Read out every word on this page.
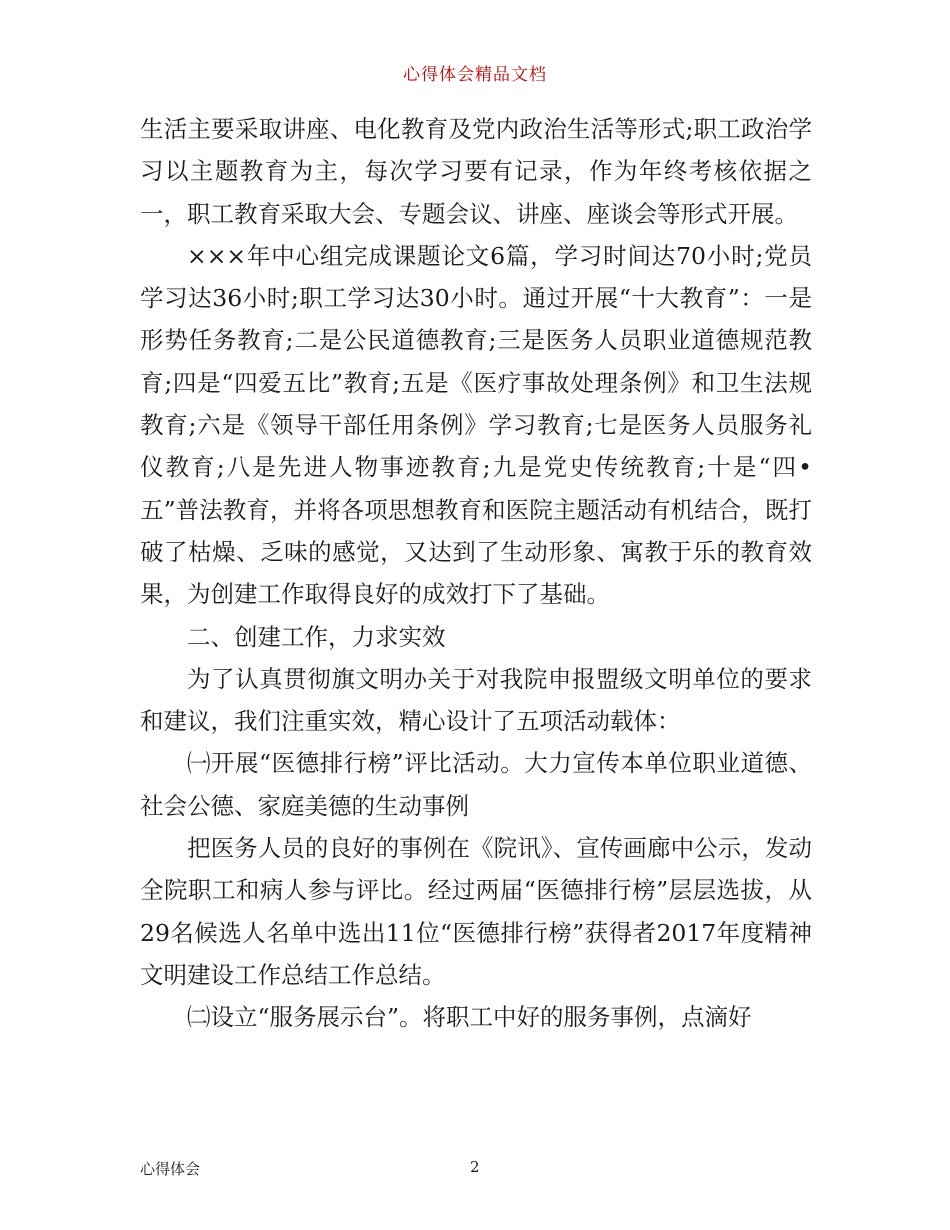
心得体会精品文档

生活主要采取讲座、电化教育及党内政治生活等形式;职工政治学习以主题教育为主，每次学习要有记录，作为年终考核依据之一，职工教育采取大会、专题会议、讲座、座谈会等形式开展。

×××年中心组完成课题论文6篇，学习时间达70小时;党员学习达36小时;职工学习达30小时。通过开展“十大教育”：一是形势任务教育;二是公民道德教育;三是医务人员职业道德规范教育;四是“四爱五比”教育;五是《医疗事故处理条例》和卫生法规教育;六是《领导干部任用条例》学习教育;七是医务人员服务礼仪教育;八是先进人物事迹教育;九是党史传统教育;十是“四•五”普法教育，并将各项思想教育和医院主题活动有机结合，既打破了枯燥、乏味的感觉，又达到了生动形象、寓教于乐的教育效果，为创建工作取得良好的成效打下了基础。

二、创建工作，力求实效

为了认真贯彻旗文明办关于对我院申报盟级文明单位的要求和建议，我们注重实效，精心设计了五项活动载体：

㈠开展“医德排行榜”评比活动。大力宣传本单位职业道德、社会公德、家庭美德的生动事例

把医务人员的良好的事例在《院讯》、宣传画廊中公示，发动全院职工和病人参与评比。经过两届“医德排行榜”层层选拔，从29名候选人名单中选出11位“医德排行榜”获得者2017年度精神文明建设工作总结工作总结。

㈡设立“服务展示台”。将职工中好的服务事例，点滴好

心得体会	2
